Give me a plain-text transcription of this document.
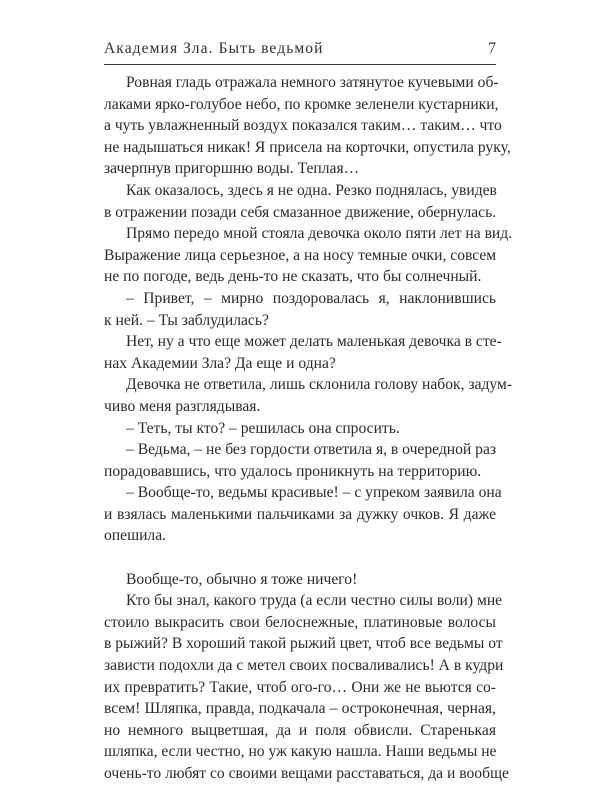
Академия Зла. Быть ведьмой	7
Ровная гладь отражала немного затянутое кучевыми об-
лаками ярко-голубое небо, по кромке зеленели кустарники,
а чуть увлажненный воздух показался таким… таким… что
не надышаться никак! Я присела на корточки, опустила руку,
зачерпнув пригоршню воды. Теплая…
Как оказалось, здесь я не одна. Резко поднялась, увидев
в отражении позади себя смазанное движение, обернулась.
Прямо передо мной стояла девочка около пяти лет на вид.
Выражение лица серьезное, а на носу темные очки, совсем
не по погоде, ведь день-то не сказать, что бы солнечный.
– Привет, – мирно поздоровалась я, наклонившись
к ней. – Ты заблудилась?
Нет, ну а что еще может делать маленькая девочка в сте-
нах Академии Зла? Да еще и одна?
Девочка не ответила, лишь склонила голову набок, задум-
чиво меня разглядывая.
– Теть, ты кто? – решилась она спросить.
– Ведьма, – не без гордости ответила я, в очередной раз
порадовавшись, что удалось проникнуть на территорию.
– Вообще-то, ведьмы красивые! – с упреком заявила она
и взялась маленькими пальчиками за дужку очков. Я даже
опешила.
Вообще-то, обычно я тоже ничего!
Кто бы знал, какого труда (а если честно силы воли) мне
стоило выкрасить свои белоснежные, платиновые волосы
в рыжий? В хороший такой рыжий цвет, чтоб все ведьмы от
зависти подохли да с метел своих посваливались! А в кудри
их превратить? Такие, чтоб ого-го… Они же не вьются со-
всем! Шляпка, правда, подкачала – остроконечная, черная,
но немного выцветшая, да и поля обвисли. Старенькая
шляпка, если честно, но уж какую нашла. Наши ведьмы не
очень-то любят со своими вещами расставаться, да и вообще
